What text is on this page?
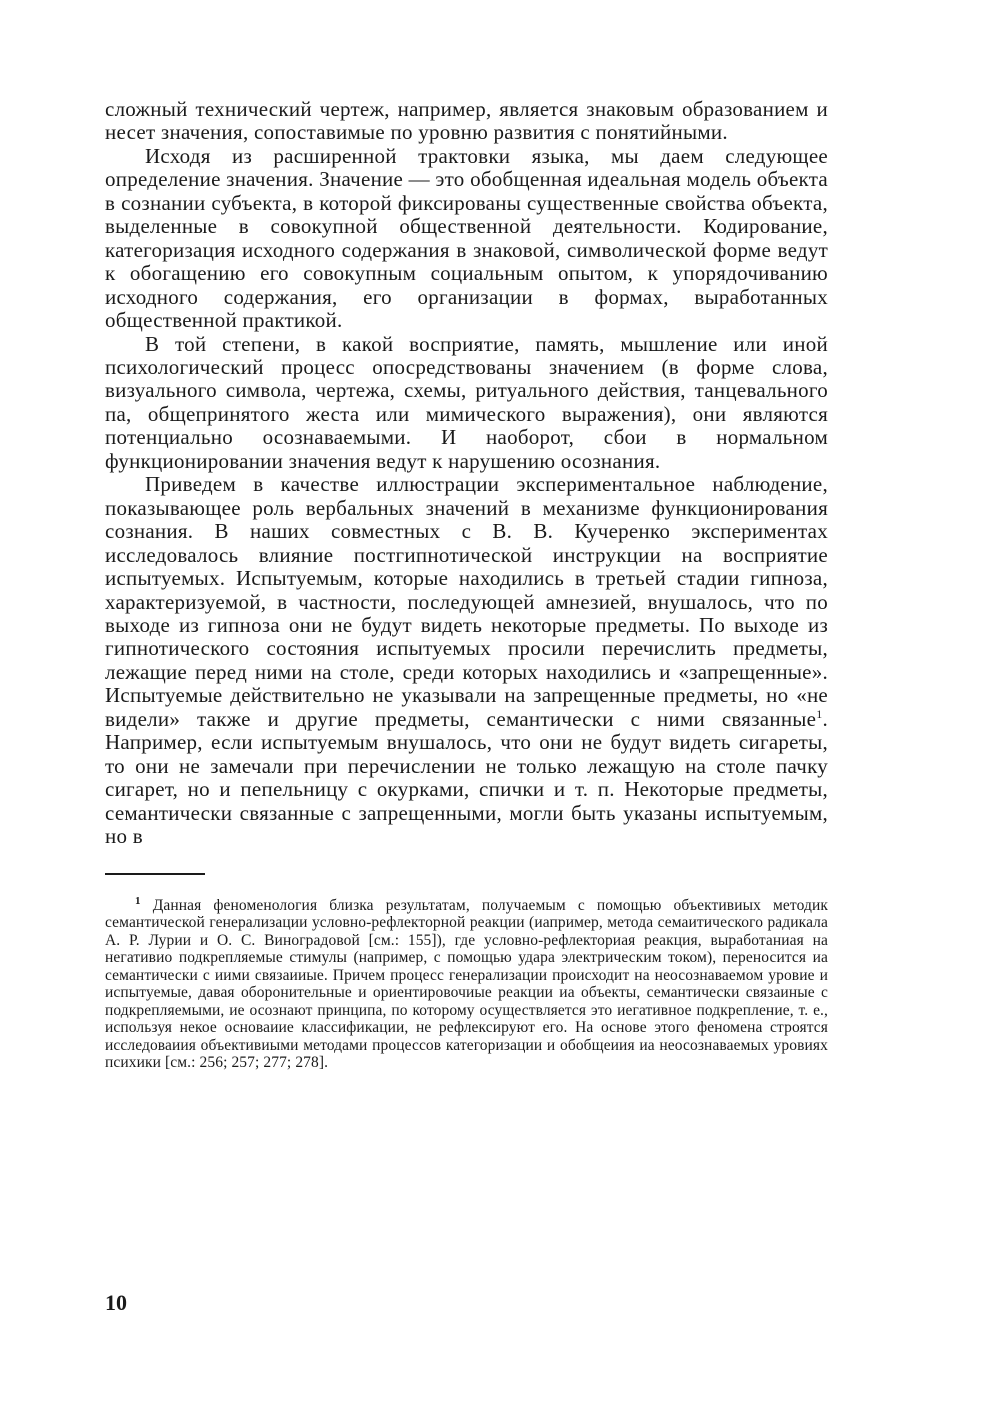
сложный технический чертеж, например, является знаковым образованием и несет значения, сопоставимые по уровню развития с понятийными.

Исходя из расширенной трактовки языка, мы даем следующее определение значения. Значение — это обобщенная идеальная модель объекта в сознании субъекта, в которой фиксированы существенные свойства объекта, выделенные в совокупной общественной деятельности. Кодирование, категоризация исходного содержания в знаковой, символической форме ведут к обогащению его совокупным социальным опытом, к упорядочиванию исходного содержания, его организации в формах, выработанных общественной практикой.

В той степени, в какой восприятие, память, мышление или иной психологический процесс опосредствованы значением (в форме слова, визуального символа, чертежа, схемы, ритуального действия, танцевального па, общепринятого жеста или мимического выражения), они являются потенциально осознаваемыми. И наоборот, сбои в нормальном функционировании значения ведут к нарушению осознания.

Приведем в качестве иллюстрации экспериментальное наблюдение, показывающее роль вербальных значений в механизме функционирования сознания. В наших совместных с В. В. Кучеренко экспериментах исследовалось влияние постгипнотической инструкции на восприятие испытуемых. Испытуемым, которые находились в третьей стадии гипноза, характеризуемой, в частности, последующей амнезией, внушалось, что по выходе из гипноза они не будут видеть некоторые предметы. По выходе из гипнотического состояния испытуемых просили перечислить предметы, лежащие перед ними на столе, среди которых находились и «запрещенные». Испытуемые действительно не указывали на запрещенные предметы, но «не видели» также и другие предметы, семантически с ними связанные$^1$. Например, если испытуемым внушалось, что они не будут видеть сигареты, то они не замечали при перечислении не только лежащую на столе пачку сигарет, но и пепельницу с окурками, спички и т. п. Некоторые предметы, семантически связанные с запрещенными, могли быть указаны испытуемым, но в

$^1$ Данная феноменология близка результатам, получаемым с помощью объективиых методик семантической генерализации условно-рефлекторной реакции (иапример, метода семаитического радикала А. Р. Лурии и О. С. Виноградовой [см.: 155]), где условно-рефлекториая реакция, выработаниая на негативио подкрепляемые стимулы (например, с помощью удара электрическим током), переносится иа семантически с иими связаииые. Причем процесс генерализации происходит на неосознаваемом уровие и испытуемые, давая оборонительные и ориентировочиые реакции иа объекты, семантически связаиные с подкрепляемыми, ие осознают принципа, по которому осуществляется это иегативное подкрепление, т. е., используя некое основаиие классификации, не рефлексируют его. На основе этого феномена строятся исследоваиия объективиыми методами процессов категоризации и обобщеиия иа неосознаваемых уровиях психики [см.: 256; 257; 277; 278].

10
